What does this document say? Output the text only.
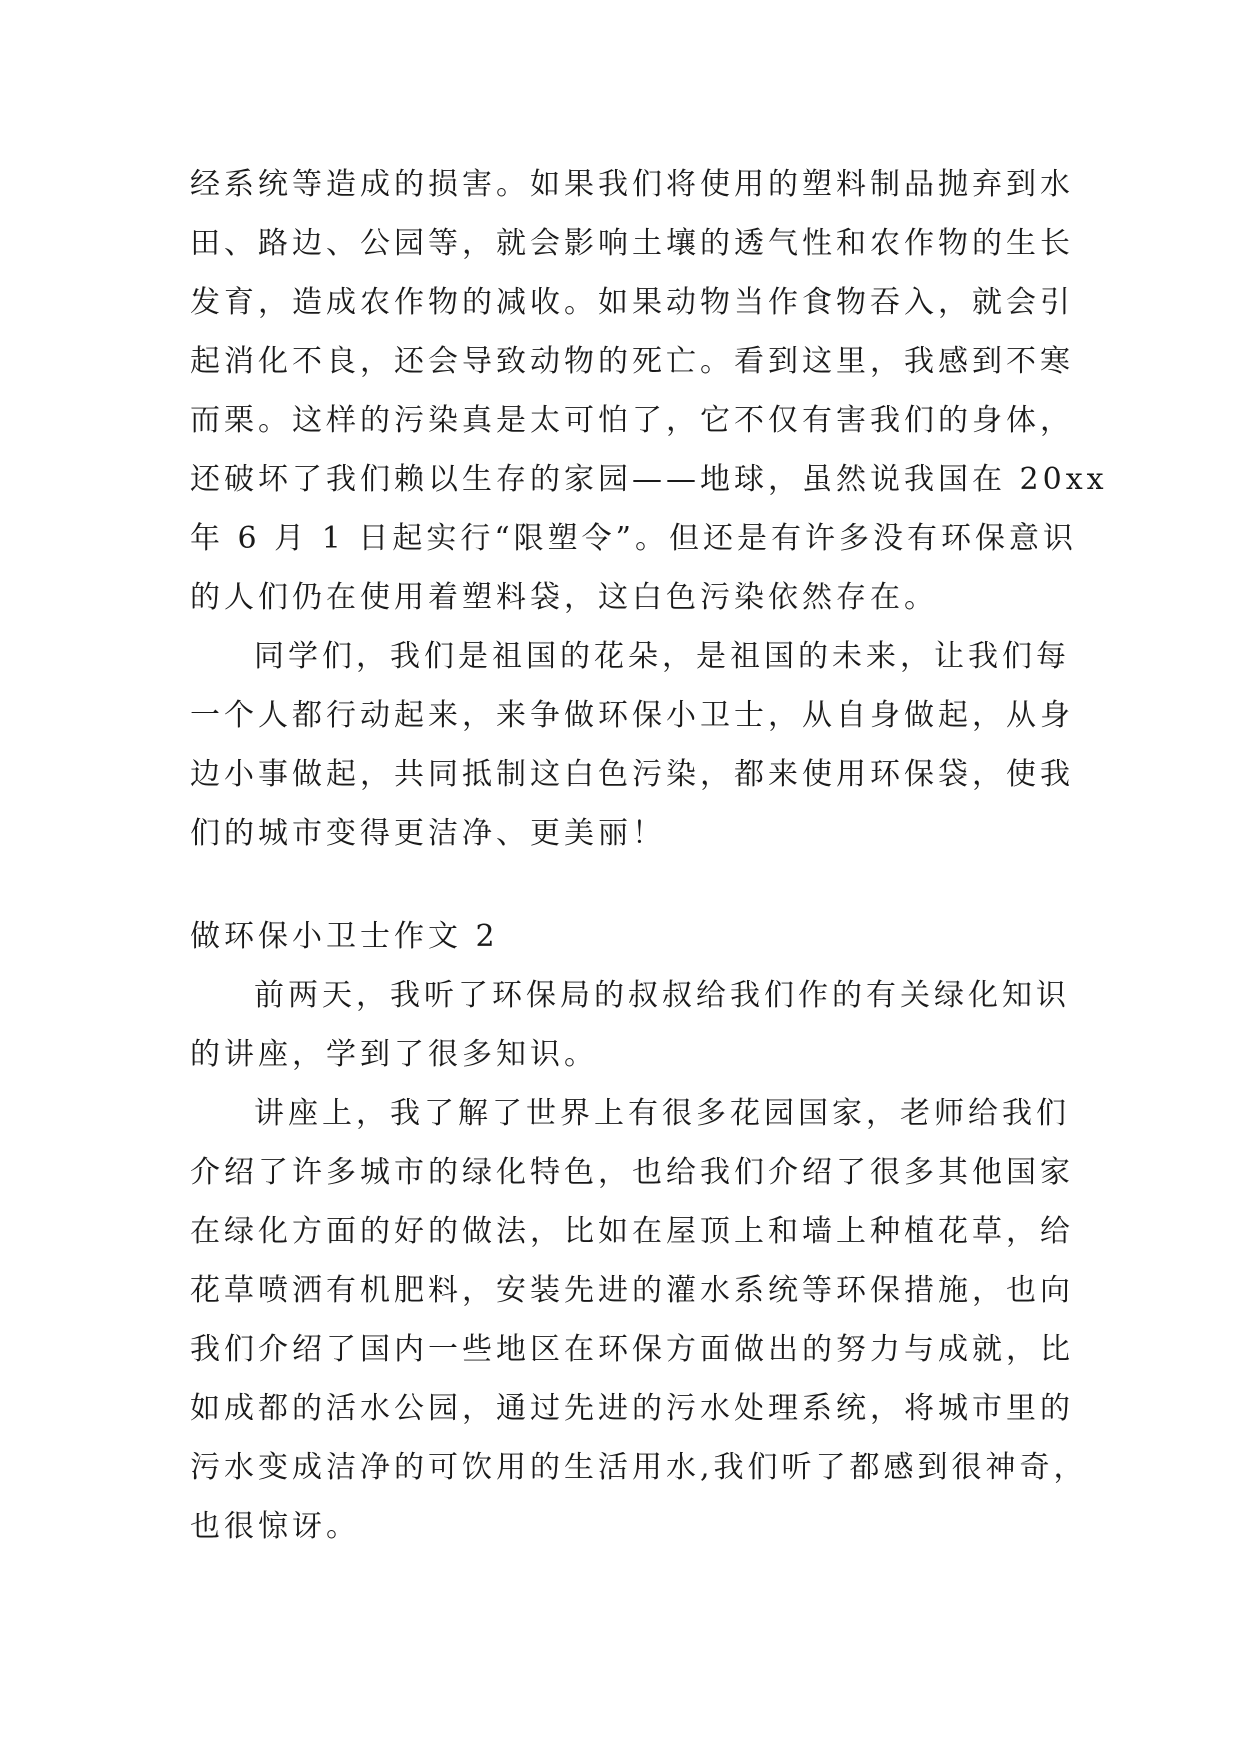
经系统等造成的损害。如果我们将使用的塑料制品抛弃到水
田、路边、公园等，就会影响土壤的透气性和农作物的生长
发育，造成农作物的减收。如果动物当作食物吞入，就会引
起消化不良，还会导致动物的死亡。看到这里，我感到不寒
而栗。这样的污染真是太可怕了，它不仅有害我们的身体，
还破坏了我们赖以生存的家园——地球，虽然说我国在 20xx
年 6 月 1 日起实行“限塑令”。但还是有许多没有环保意识
的人们仍在使用着塑料袋，这白色污染依然存在。
同学们，我们是祖国的花朵，是祖国的未来，让我们每
一个人都行动起来，来争做环保小卫士，从自身做起，从身
边小事做起，共同抵制这白色污染，都来使用环保袋，使我
们的城市变得更洁净、更美丽！
做环保小卫士作文 2
前两天，我听了环保局的叔叔给我们作的有关绿化知识
的讲座，学到了很多知识。
讲座上，我了解了世界上有很多花园国家，老师给我们
介绍了许多城市的绿化特色，也给我们介绍了很多其他国家
在绿化方面的好的做法，比如在屋顶上和墙上种植花草，给
花草喷洒有机肥料，安装先进的灌水系统等环保措施，也向
我们介绍了国内一些地区在环保方面做出的努力与成就，比
如成都的活水公园，通过先进的污水处理系统，将城市里的
污水变成洁净的可饮用的生活用水,我们听了都感到很神奇，
也很惊讶。
